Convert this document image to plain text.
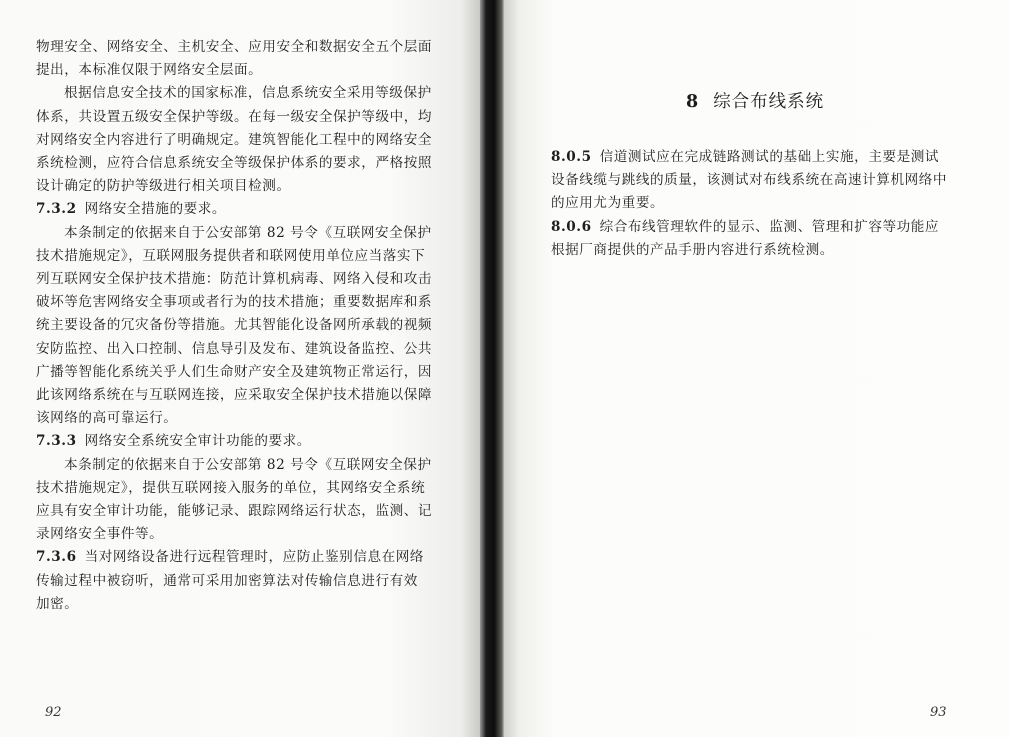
物理安全、网络安全、主机安全、应用安全和数据安全五个层面
提出，本标准仅限于网络安全层面。
根据信息安全技术的国家标准，信息系统安全采用等级保护
体系，共设置五级安全保护等级。在每一级安全保护等级中，均
对网络安全内容进行了明确规定。建筑智能化工程中的网络安全
系统检测，应符合信息系统安全等级保护体系的要求，严格按照
设计确定的防护等级进行相关项目检测。
7.3.2 网络安全措施的要求。
本条制定的依据来自于公安部第 82 号令《互联网安全保护
技术措施规定》，互联网服务提供者和联网使用单位应当落实下
列互联网安全保护技术措施：防范计算机病毒、网络入侵和攻击
破坏等危害网络安全事项或者行为的技术措施；重要数据库和系
统主要设备的冗灾备份等措施。尤其智能化设备网所承载的视频
安防监控、出入口控制、信息导引及发布、建筑设备监控、公共
广播等智能化系统关乎人们生命财产安全及建筑物正常运行，因
此该网络系统在与互联网连接，应采取安全保护技术措施以保障
该网络的高可靠运行。
7.3.3 网络安全系统安全审计功能的要求。
本条制定的依据来自于公安部第 82 号令《互联网安全保护
技术措施规定》，提供互联网接入服务的单位，其网络安全系统
应具有安全审计功能，能够记录、跟踪网络运行状态，监测、记
录网络安全事件等。
7.3.6 当对网络设备进行远程管理时，应防止鉴别信息在网络
传输过程中被窃听，通常可采用加密算法对传输信息进行有效
加密。
92
8 综合布线系统
8.0.5 信道测试应在完成链路测试的基础上实施，主要是测试
设备线缆与跳线的质量，该测试对布线系统在高速计算机网络中
的应用尤为重要。
8.0.6 综合布线管理软件的显示、监测、管理和扩容等功能应
根据厂商提供的产品手册内容进行系统检测。
93
